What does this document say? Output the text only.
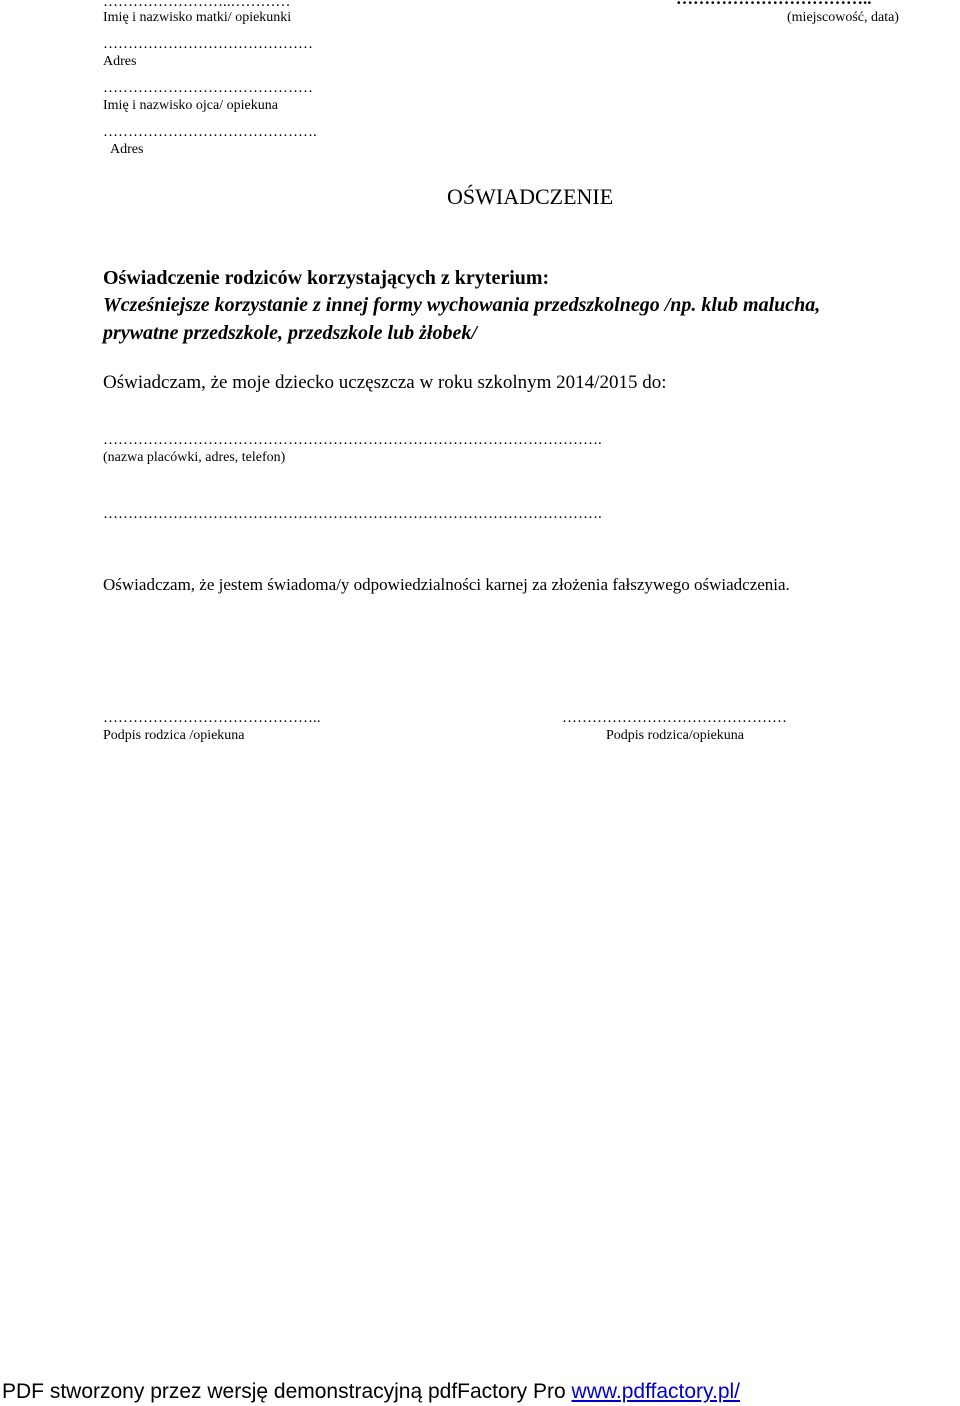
……………………..…………
Imię i nazwisko matki/ opiekunki
……………………………………
Adres
……………………………………
Imię i nazwisko ojca/ opiekuna
…………………………………….
Adres
(miejscowość, data)
OŚWIADCZENIE
Oświadczenie rodziców korzystających z kryterium:
Wcześniejsze korzystanie z innej formy wychowania przedszkolnego /np. klub malucha,
prywatne przedszkole, przedszkole lub żłobek/
Oświadczam, że moje dziecko uczęszcza w roku szkolnym 2014/2015 do:
……………………………………………………………………………………….
(nazwa placówki, adres, telefon)
……………………………………………………………………………………….
Oświadczam, że jestem świadoma/y odpowiedzialności karnej za złożenia fałszywego oświadczenia.
……………………………………..
Podpis rodzica /opiekuna
………………………………………
Podpis rodzica/opiekuna
PDF stworzony przez wersję demonstracyjną pdfFactory Pro www.pdffactory.pl/
